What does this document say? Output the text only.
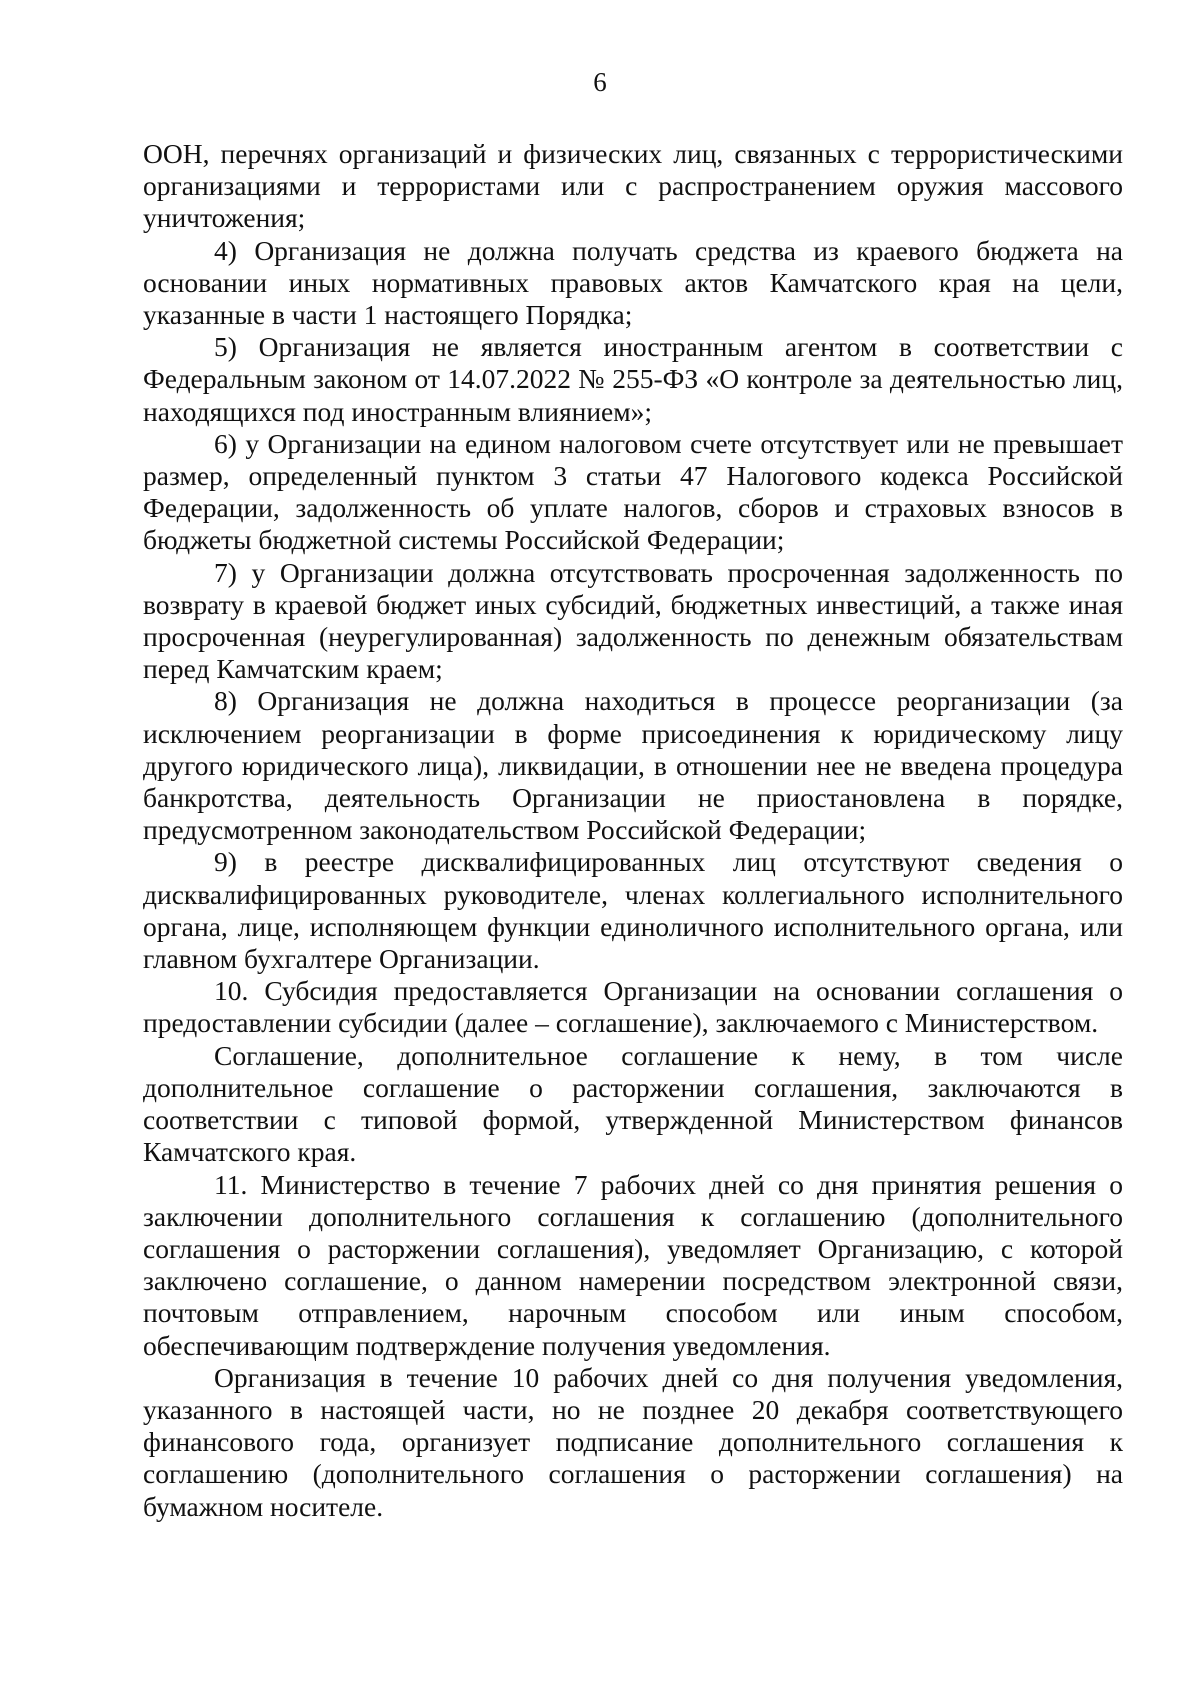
6

ООН, перечнях организаций и физических лиц, связанных с террористическими организациями и террористами или с распространением оружия массового уничтожения;

4) Организация не должна получать средства из краевого бюджета на основании иных нормативных правовых актов Камчатского края на цели, указанные в части 1 настоящего Порядка;

5) Организация не является иностранным агентом в соответствии с Федеральным законом от 14.07.2022 № 255-ФЗ «О контроле за деятельностью лиц, находящихся под иностранным влиянием»;

6) у Организации на едином налоговом счете отсутствует или не превышает размер, определенный пунктом 3 статьи 47 Налогового кодекса Российской Федерации, задолженность об уплате налогов, сборов и страховых взносов в бюджеты бюджетной системы Российской Федерации;

7) у Организации должна отсутствовать просроченная задолженность по возврату в краевой бюджет иных субсидий, бюджетных инвестиций, а также иная просроченная (неурегулированная) задолженность по денежным обязательствам перед Камчатским краем;

8) Организация не должна находиться в процессе реорганизации (за исключением реорганизации в форме присоединения к юридическому лицу другого юридического лица), ликвидации, в отношении нее не введена процедура банкротства, деятельность Организации не приостановлена в порядке, предусмотренном законодательством Российской Федерации;

9) в реестре дисквалифицированных лиц отсутствуют сведения о дисквалифицированных руководителе, членах коллегиального исполнительного органа, лице, исполняющем функции единоличного исполнительного органа, или главном бухгалтере Организации.

10. Субсидия предоставляется Организации на основании соглашения о предоставлении субсидии (далее – соглашение), заключаемого с Министерством.

Соглашение, дополнительное соглашение к нему, в том числе дополнительное соглашение о расторжении соглашения, заключаются в соответствии с типовой формой, утвержденной Министерством финансов Камчатского края.

11. Министерство в течение 7 рабочих дней со дня принятия решения о заключении дополнительного соглашения к соглашению (дополнительного соглашения о расторжении соглашения), уведомляет Организацию, с которой заключено соглашение, о данном намерении посредством электронной связи, почтовым отправлением, нарочным способом или иным способом, обеспечивающим подтверждение получения уведомления.

Организация в течение 10 рабочих дней со дня получения уведомления, указанного в настоящей части, но не позднее 20 декабря соответствующего финансового года, организует подписание дополнительного соглашения к соглашению (дополнительного соглашения о расторжении соглашения) на бумажном носителе.
